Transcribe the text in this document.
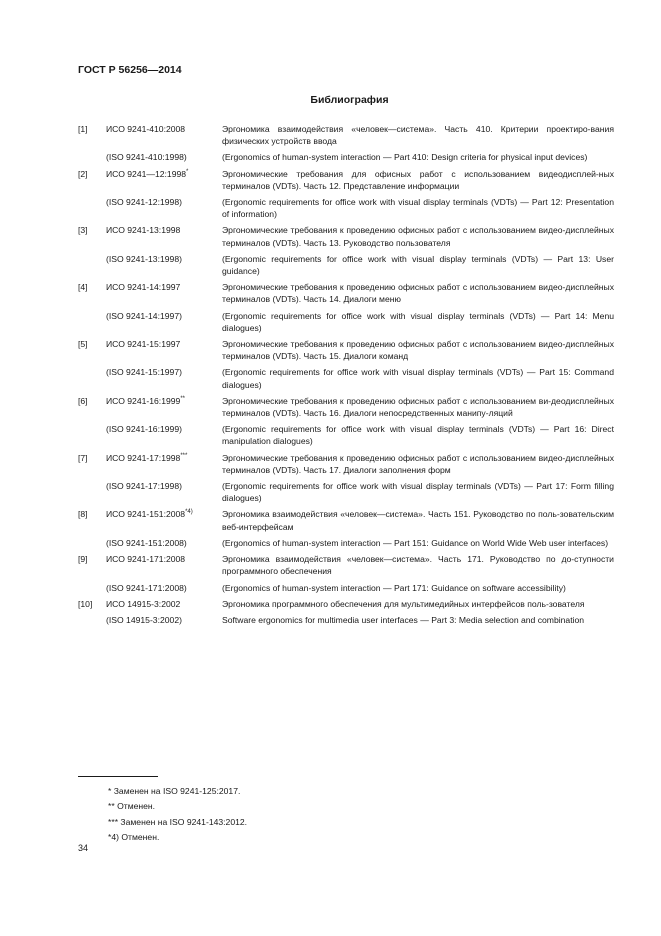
ГОСТ Р 56256—2014
Библиография
[1]	ИСО 9241-410:2008	Эргономика взаимодействия «человек—система». Часть 410. Критерии проектиро-вания физических устройств ввода
(ISO 9241-410:1998)	(Ergonomics of human-system interaction — Part 410: Design criteria for physical input devices)
[2]	ИСО 9241—12:1998*	Эргономические требования для офисных работ с использованием видеодисплей-ных терминалов (VDTs). Часть 12. Представление информации
(ISO 9241-12:1998)	(Ergonomic requirements for office work with visual display terminals (VDTs) — Part 12: Presentation of information)
[3]	ИСО 9241-13:1998	Эргономические требования к проведению офисных работ с использованием видео-дисплейных терминалов (VDTs). Часть 13. Руководство пользователя
(ISO 9241-13:1998)	(Ergonomic requirements for office work with visual display terminals (VDTs) — Part 13: User guidance)
[4]	ИСО 9241-14:1997	Эргономические требования к проведению офисных работ с использованием видео-дисплейных терминалов (VDTs). Часть 14. Диалоги меню
(ISO 9241-14:1997)	(Ergonomic requirements for office work with visual display terminals (VDTs) — Part 14: Menu dialogues)
[5]	ИСО 9241-15:1997	Эргономические требования к проведению офисных работ с использованием видео-дисплейных терминалов (VDTs). Часть 15. Диалоги команд
(ISO 9241-15:1997)	(Ergonomic requirements for office work with visual display terminals (VDTs) — Part 15: Command dialogues)
[6]	ИСО 9241-16:1999**	Эргономические требования к проведению офисных работ с использованием ви-деодисплейных терминалов (VDTs). Часть 16. Диалоги непосредственных манипу-ляций
(ISO 9241-16:1999)	(Ergonomic requirements for office work with visual display terminals (VDTs) — Part 16: Direct manipulation dialogues)
[7]	ИСО 9241-17:1998***	Эргономические требования к проведению офисных работ с использованием видео-дисплейных терминалов (VDTs). Часть 17. Диалоги заполнения форм
(ISO 9241-17:1998)	(Ergonomic requirements for office work with visual display terminals (VDTs) — Part 17: Form filling dialogues)
[8]	ИСО 9241-151:2008$^{*4)}$	Эргономика взаимодействия «человек—система». Часть 151. Руководство по поль-зовательским веб-интерфейсам
(ISO 9241-151:2008)	(Ergonomics of human-system interaction — Part 151: Guidance on World Wide Web user interfaces)
[9]	ИСО 9241-171:2008	Эргономика взаимодействия «человек—система». Часть 171. Руководство по до-ступности программного обеспечения
(ISO 9241-171:2008)	(Ergonomics of human-system interaction — Part 171: Guidance on software accessibility)
[10]	ИСО 14915-3:2002	Эргономика программного обеспечения для мультимедийных интерфейсов поль-зователя
(ISO 14915-3:2002)	Software ergonomics for multimedia user interfaces — Part 3: Media selection and combination
* Заменен на ISO 9241-125:2017.
** Отменен.
*** Заменен на ISO 9241-143:2012.
*4) Отменен.
34
